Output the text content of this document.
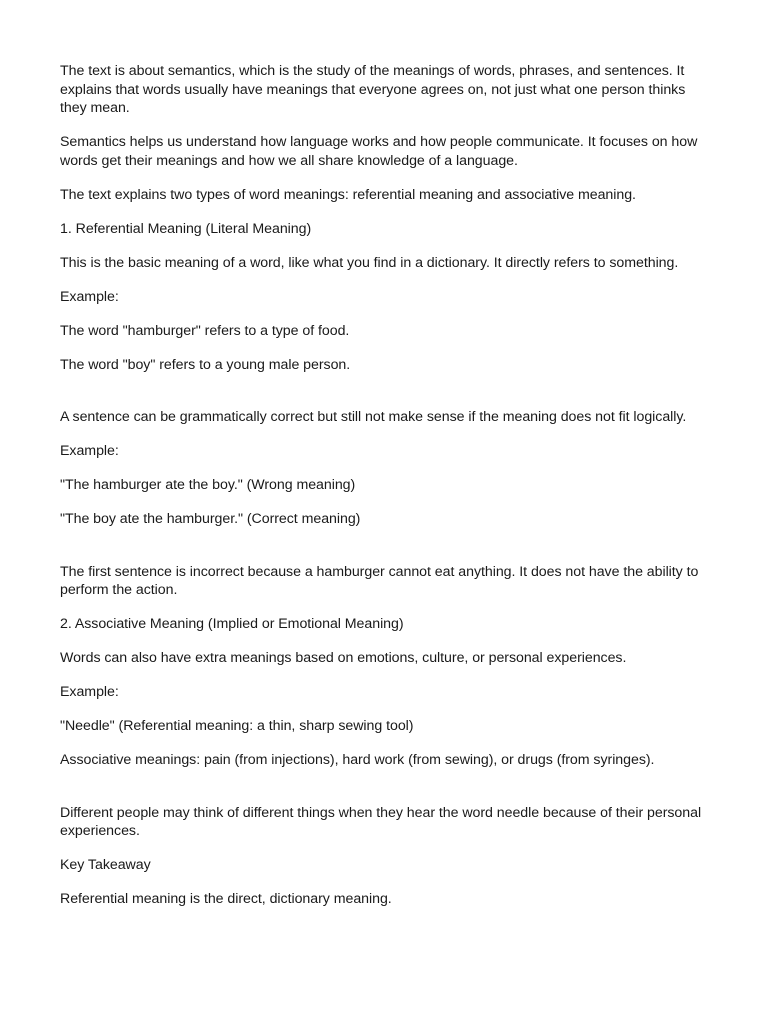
The text is about semantics, which is the study of the meanings of words, phrases, and sentences. It explains that words usually have meanings that everyone agrees on, not just what one person thinks they mean.

Semantics helps us understand how language works and how people communicate. It focuses on how words get their meanings and how we all share knowledge of a language.

The text explains two types of word meanings: referential meaning and associative meaning.

1. Referential Meaning (Literal Meaning)

This is the basic meaning of a word, like what you find in a dictionary. It directly refers to something.

Example:

The word "hamburger" refers to a type of food.

The word "boy" refers to a young male person.

A sentence can be grammatically correct but still not make sense if the meaning does not fit logically.

Example:

"The hamburger ate the boy." (Wrong meaning)

"The boy ate the hamburger." (Correct meaning)

The first sentence is incorrect because a hamburger cannot eat anything. It does not have the ability to perform the action.

2. Associative Meaning (Implied or Emotional Meaning)

Words can also have extra meanings based on emotions, culture, or personal experiences.

Example:

"Needle" (Referential meaning: a thin, sharp sewing tool)

Associative meanings: pain (from injections), hard work (from sewing), or drugs (from syringes).

Different people may think of different things when they hear the word needle because of their personal experiences.

Key Takeaway

Referential meaning is the direct, dictionary meaning.
